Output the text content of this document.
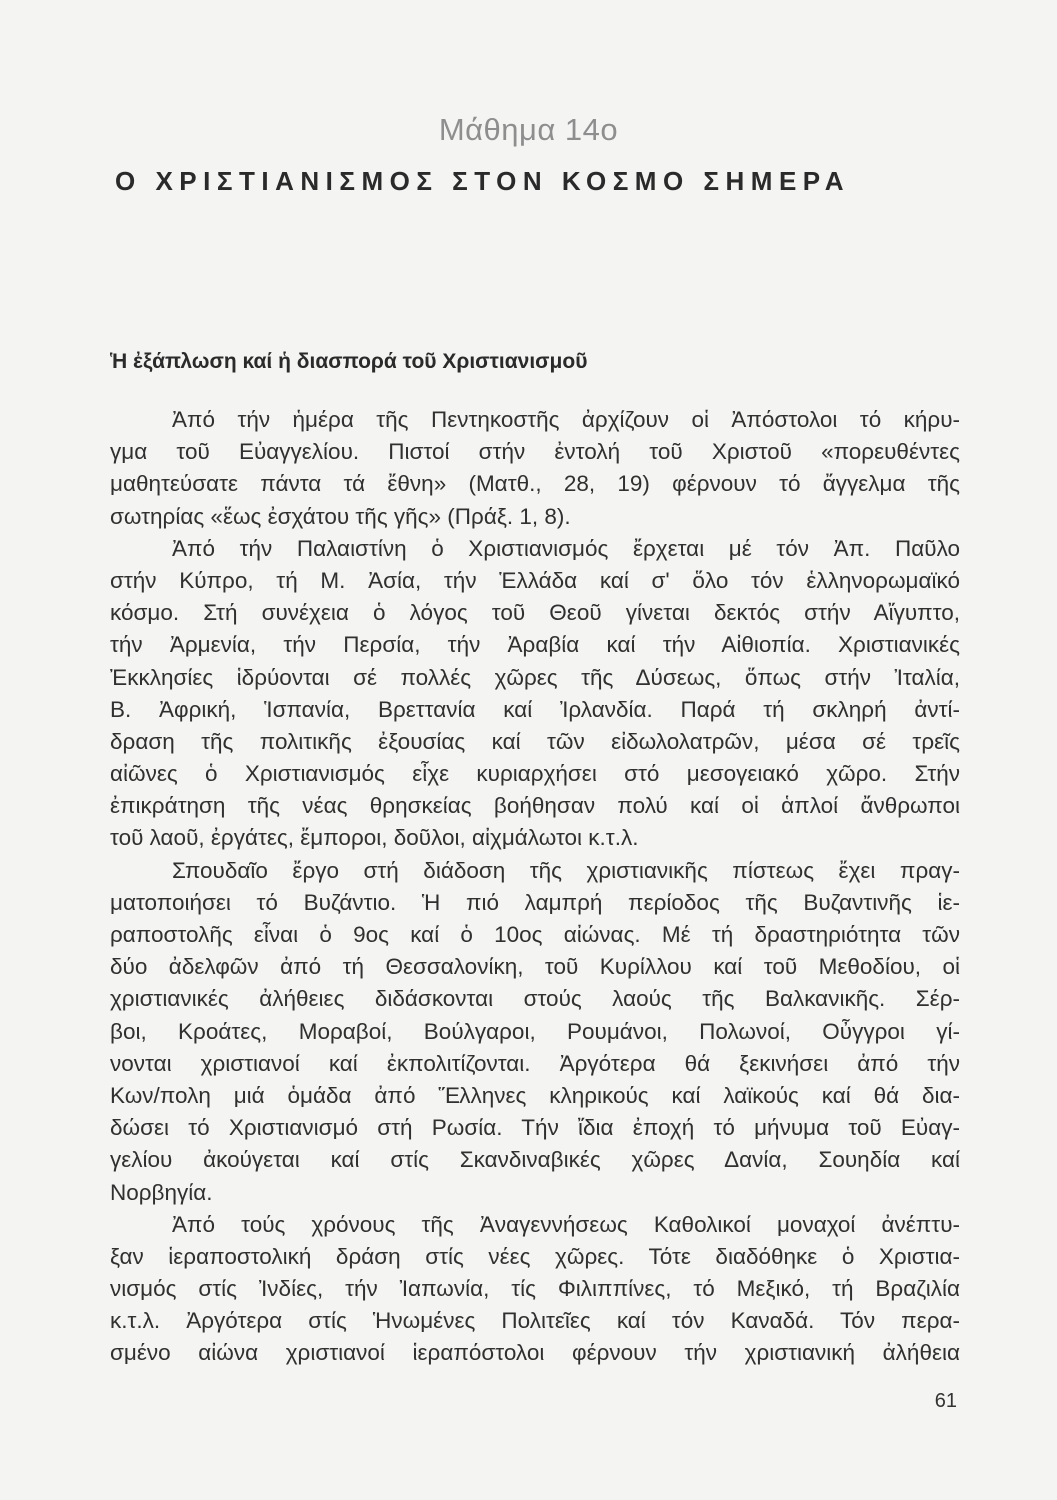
Μάθημα 14ο
Ο ΧΡΙΣΤΙΑΝΙΣΜΟΣ ΣΤΟΝ ΚΟΣΜΟ ΣΗΜΕΡΑ
Ἡ ἐξάπλωση καί ἡ διασπορά τοῦ Χριστιανισμοῦ
Ἀπό τήν ἡμέρα τῆς Πεντηκοστῆς ἀρχίζουν οἱ Ἀπόστολοι τό κήρυ-
γμα τοῦ Εὐαγγελίου. Πιστοί στήν ἐντολή τοῦ Χριστοῦ «πορευθέντες
μαθητεύσατε πάντα τά ἔθνη» (Ματθ., 28, 19) φέρνουν τό ἄγγελμα τῆς
σωτηρίας «ἕως ἐσχάτου τῆς γῆς» (Πράξ. 1, 8).
Ἀπό τήν Παλαιστίνη ὁ Χριστιανισμός ἔρχεται μέ τόν Ἀπ. Παῦλο
στήν Κύπρο, τή Μ. Ἀσία, τήν Ἑλλάδα καί σ' ὅλο τόν ἑλληνορωμαϊκό
κόσμο. Στή συνέχεια ὁ λόγος τοῦ Θεοῦ γίνεται δεκτός στήν Αἴγυπτο,
τήν Ἀρμενία, τήν Περσία, τήν Ἀραβία καί τήν Αἰθιοπία. Χριστιανικές
Ἐκκλησίες ἱδρύονται σέ πολλές χῶρες τῆς Δύσεως, ὅπως στήν Ἰταλία,
Β. Ἀφρική, Ἱσπανία, Βρεττανία καί Ἰρλανδία. Παρά τή σκληρή ἀντί-
δραση τῆς πολιτικῆς ἐξουσίας καί τῶν εἰδωλολατρῶν, μέσα σέ τρεῖς
αἰῶνες ὁ Χριστιανισμός εἶχε κυριαρχήσει στό μεσογειακό χῶρο. Στήν
ἐπικράτηση τῆς νέας θρησκείας βοήθησαν πολύ καί οἱ ἁπλοί ἄνθρωποι
τοῦ λαοῦ, ἐργάτες, ἔμποροι, δοῦλοι, αἰχμάλωτοι κ.τ.λ.
Σπουδαῖο ἔργο στή διάδοση τῆς χριστιανικῆς πίστεως ἔχει πραγ-
ματοποιήσει τό Βυζάντιο. Ἡ πιό λαμπρή περίοδος τῆς Βυζαντινῆς ἱε-
ραποστολῆς εἶναι ὁ 9ος καί ὁ 10ος αἰώνας. Μέ τή δραστηριότητα τῶν
δύο ἀδελφῶν ἀπό τή Θεσσαλονίκη, τοῦ Κυρίλλου καί τοῦ Μεθοδίου, οἱ
χριστιανικές ἀλήθειες διδάσκονται στούς λαούς τῆς Βαλκανικῆς. Σέρ-
βοι, Κροάτες, Μοραβοί, Βούλγαροι, Ρουμάνοι, Πολωνοί, Οὖγγροι γί-
νονται χριστιανοί καί ἐκπολιτίζονται. Ἀργότερα θά ξεκινήσει ἀπό τήν
Κων/πολη μιά ὁμάδα ἀπό Ἕλληνες κληρικούς καί λαϊκούς καί θά δια-
δώσει τό Χριστιανισμό στή Ρωσία. Τήν ἴδια ἐποχή τό μήνυμα τοῦ Εὐαγ-
γελίου ἀκούγεται καί στίς Σκανδιναβικές χῶρες Δανία, Σουηδία καί
Νορβηγία.
Ἀπό τούς χρόνους τῆς Ἀναγεννήσεως Καθολικοί μοναχοί ἀνέπτυ-
ξαν ἱεραποστολική δράση στίς νέες χῶρες. Τότε διαδόθηκε ὁ Χριστια-
νισμός στίς Ἰνδίες, τήν Ἰαπωνία, τίς Φιλιππίνες, τό Μεξικό, τή Βραζιλία
κ.τ.λ. Ἀργότερα στίς Ἡνωμένες Πολιτεῖες καί τόν Καναδά. Τόν περα-
σμένο αἰώνα χριστιανοί ἱεραπόστολοι φέρνουν τήν χριστιανική ἀλήθεια
61
